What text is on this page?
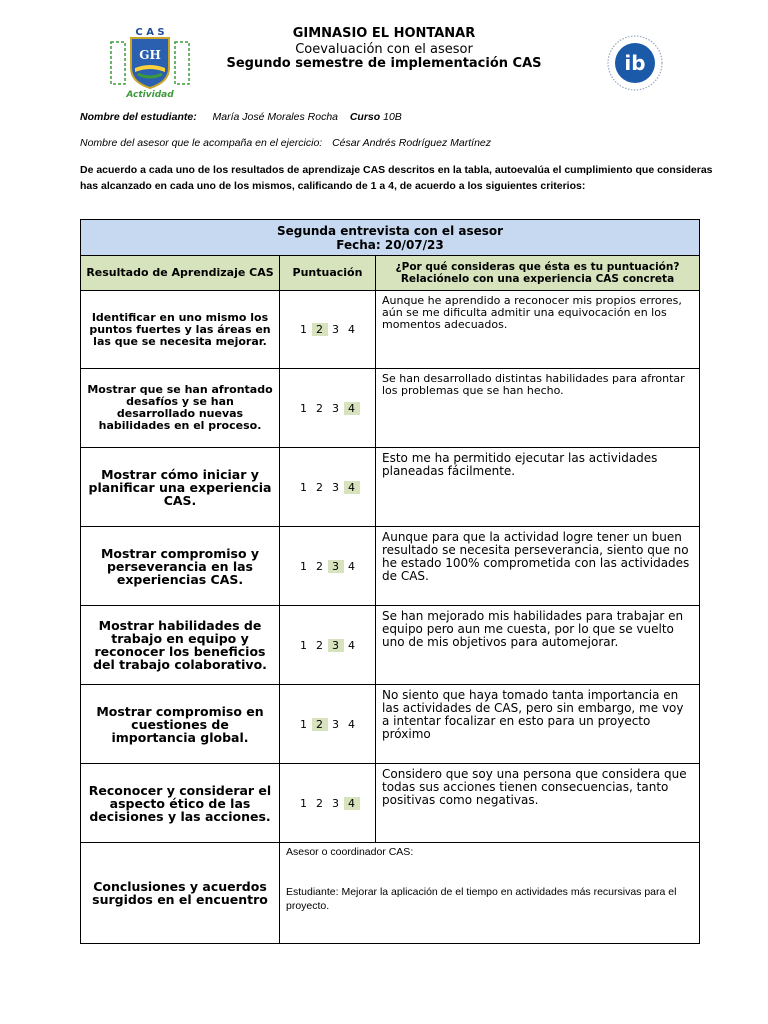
C A S
GH
Actividad
ib
GIMNASIO EL HONTANAR
Coevaluación con el asesor
Segundo semestre de implementación CAS
Nombre del estudiante: María José Morales Rocha Curso 10B
Nombre del asesor que le acompaña en el ejercicio: César Andrés Rodríguez Martínez
De acuerdo a cada uno de los resultados de aprendizaje CAS descritos en la tabla, autoevalúa el cumplimiento que consideras has alcanzado en cada uno de los mismos, calificando de 1 a 4, de acuerdo a los siguientes criterios:
Segunda entrevista con el asesor
Fecha: 20/07/23		

Resultado de Aprendizaje CAS	Puntuación	¿Por qué consideras que ésta es tu puntuación? Relaciónelo con una experiencia CAS concreta
Identificar en uno mismo los puntos fuertes y las áreas en las que se necesita mejorar.	1 2 3 4	Aunque he aprendido a reconocer mis propios errores, aún se me dificulta admitir una equivocación en los momentos adecuados.
Mostrar que se han afrontado desafíos y se han desarrollado nuevas habilidades en el proceso.	1 2 3 4	Se han desarrollado distintas habilidades para afrontar los problemas que se han hecho.
Mostrar cómo iniciar y planificar una experiencia CAS.	1 2 3 4	Esto me ha permitido ejecutar las actividades planeadas fácilmente.
Mostrar compromiso y perseverancia en las experiencias CAS.	1 2 3 4	Aunque para que la actividad logre tener un buen resultado se necesita perseverancia, siento que no he estado 100% comprometida con las actividades de CAS.
Mostrar habilidades de trabajo en equipo y reconocer los beneficios del trabajo colaborativo.	1 2 3 4	Se han mejorado mis habilidades para trabajar en equipo pero aun me cuesta, por lo que se vuelto uno de mis objetivos para automejorar.
Mostrar compromiso en cuestiones de importancia global.	1 2 3 4	No siento que haya tomado tanta importancia en las actividades de CAS, pero sin embargo, me voy a intentar focalizar en esto para un proyecto próximo
Reconocer y considerar el aspecto ético de las decisiones y las acciones.	1 2 3 4	Considero que soy una persona que considera que todas sus acciones tienen consecuencias, tanto positivas como negativas.
Conclusiones y acuerdos surgidos en el encuentro	Asesor o coordinador CAS:
Estudiante: Mejorar la aplicación de el tiempo en actividades más recursivas para el proyecto.	
